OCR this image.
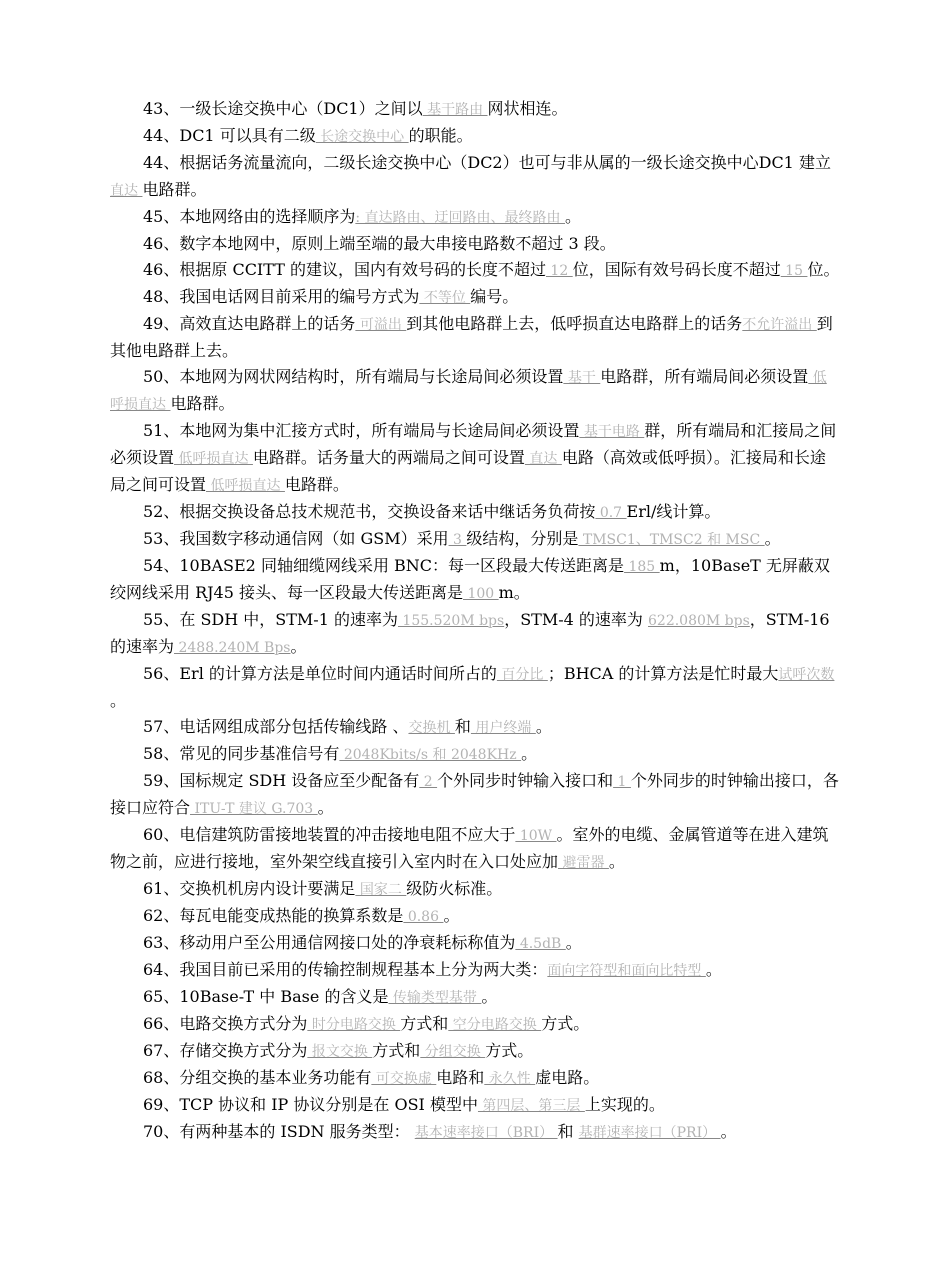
43、一级长途交换中心（DC1）之间以 基干路由 网状相连。

44、DC1 可以具有二级 长途交换中心 的职能。

44、根据话务流量流向，二级长途交换中心（DC2）也可与非从属的一级长途交换中心DC1 建立 直达 电路群。

45、本地网络由的选择顺序为: 直达路由、迂回路由、最终路由 。

46、数字本地网中，原则上端至端的最大串接电路数不超过 3 段。

46、根据原 CCITT 的建议，国内有效号码的长度不超过 12 位，国际有效号码长度不超过 15 位。

48、我国电话网目前采用的编号方式为 不等位 编号。

49、高效直达电路群上的话务 可溢出 到其他电路群上去，低呼损直达电路群上的话务不允许溢出 到其他电路群上去。

50、本地网为网状网结构时，所有端局与长途局间必须设置 基干 电路群，所有端局间必须设置 低呼损直达 电路群。

51、本地网为集中汇接方式时，所有端局与长途局间必须设置 基干电路 群，所有端局和汇接局之间必须设置 低呼损直达 电路群。话务量大的两端局之间可设置 直达 电路（高效或低呼损）。汇接局和长途局之间可设置 低呼损直达 电路群。

52、根据交换设备总技术规范书，交换设备来话中继话务负荷按 0.7 Erl/线计算。

53、我国数字移动通信网（如 GSM）采用 3 级结构，分别是 TMSC1、TMSC2 和 MSC 。

54、10BASE2 同轴细缆网线采用 BNC：每一区段最大传送距离是 185 m，10BaseT 无屏蔽双绞网线采用 RJ45 接头、每一区段最大传送距离是 100 m。

55、在 SDH 中，STM-1 的速率为 155.520M bps，STM-4 的速率为 622.080M bps，STM-16 的速率为 2488.240M Bps。

56、Erl 的计算方法是单位时间内通话时间所占的 百分比 ；BHCA 的计算方法是忙时最大试呼次数 。

57、电话网组成部分包括传输线路 、交换机 和 用户终端 。

58、常见的同步基准信号有 2048Kbits/s 和 2048KHz 。

59、国标规定 SDH 设备应至少配备有 2 个外同步时钟输入接口和 1 个外同步的时钟输出接口，各接口应符合 ITU-T 建议 G.703 。

60、电信建筑防雷接地装置的冲击接地电阻不应大于 10W 。室外的电缆、金属管道等在进入建筑物之前，应进行接地，室外架空线直接引入室内时在入口处应加 避雷器 。

61、交换机机房内设计要满足 国家二 级防火标准。

62、每瓦电能变成热能的换算系数是 0.86 。

63、移动用户至公用通信网接口处的净衰耗标称值为 4.5dB 。

64、我国目前已采用的传输控制规程基本上分为两大类：面向字符型和面向比特型 。

65、10Base-T 中 Base 的含义是 传输类型基带 。

66、电路交换方式分为 时分电路交换 方式和 空分电路交换 方式。

67、存储交换方式分为 报文交换 方式和 分组交换 方式。

68、分组交换的基本业务功能有 可交换虚 电路和 永久性 虚电路。

69、TCP 协议和 IP 协议分别是在 OSI 模型中 第四层、第三层 上实现的。

70、有两种基本的 ISDN 服务类型： 基本速率接口（BRI） 和 基群速率接口（PRI） 。
